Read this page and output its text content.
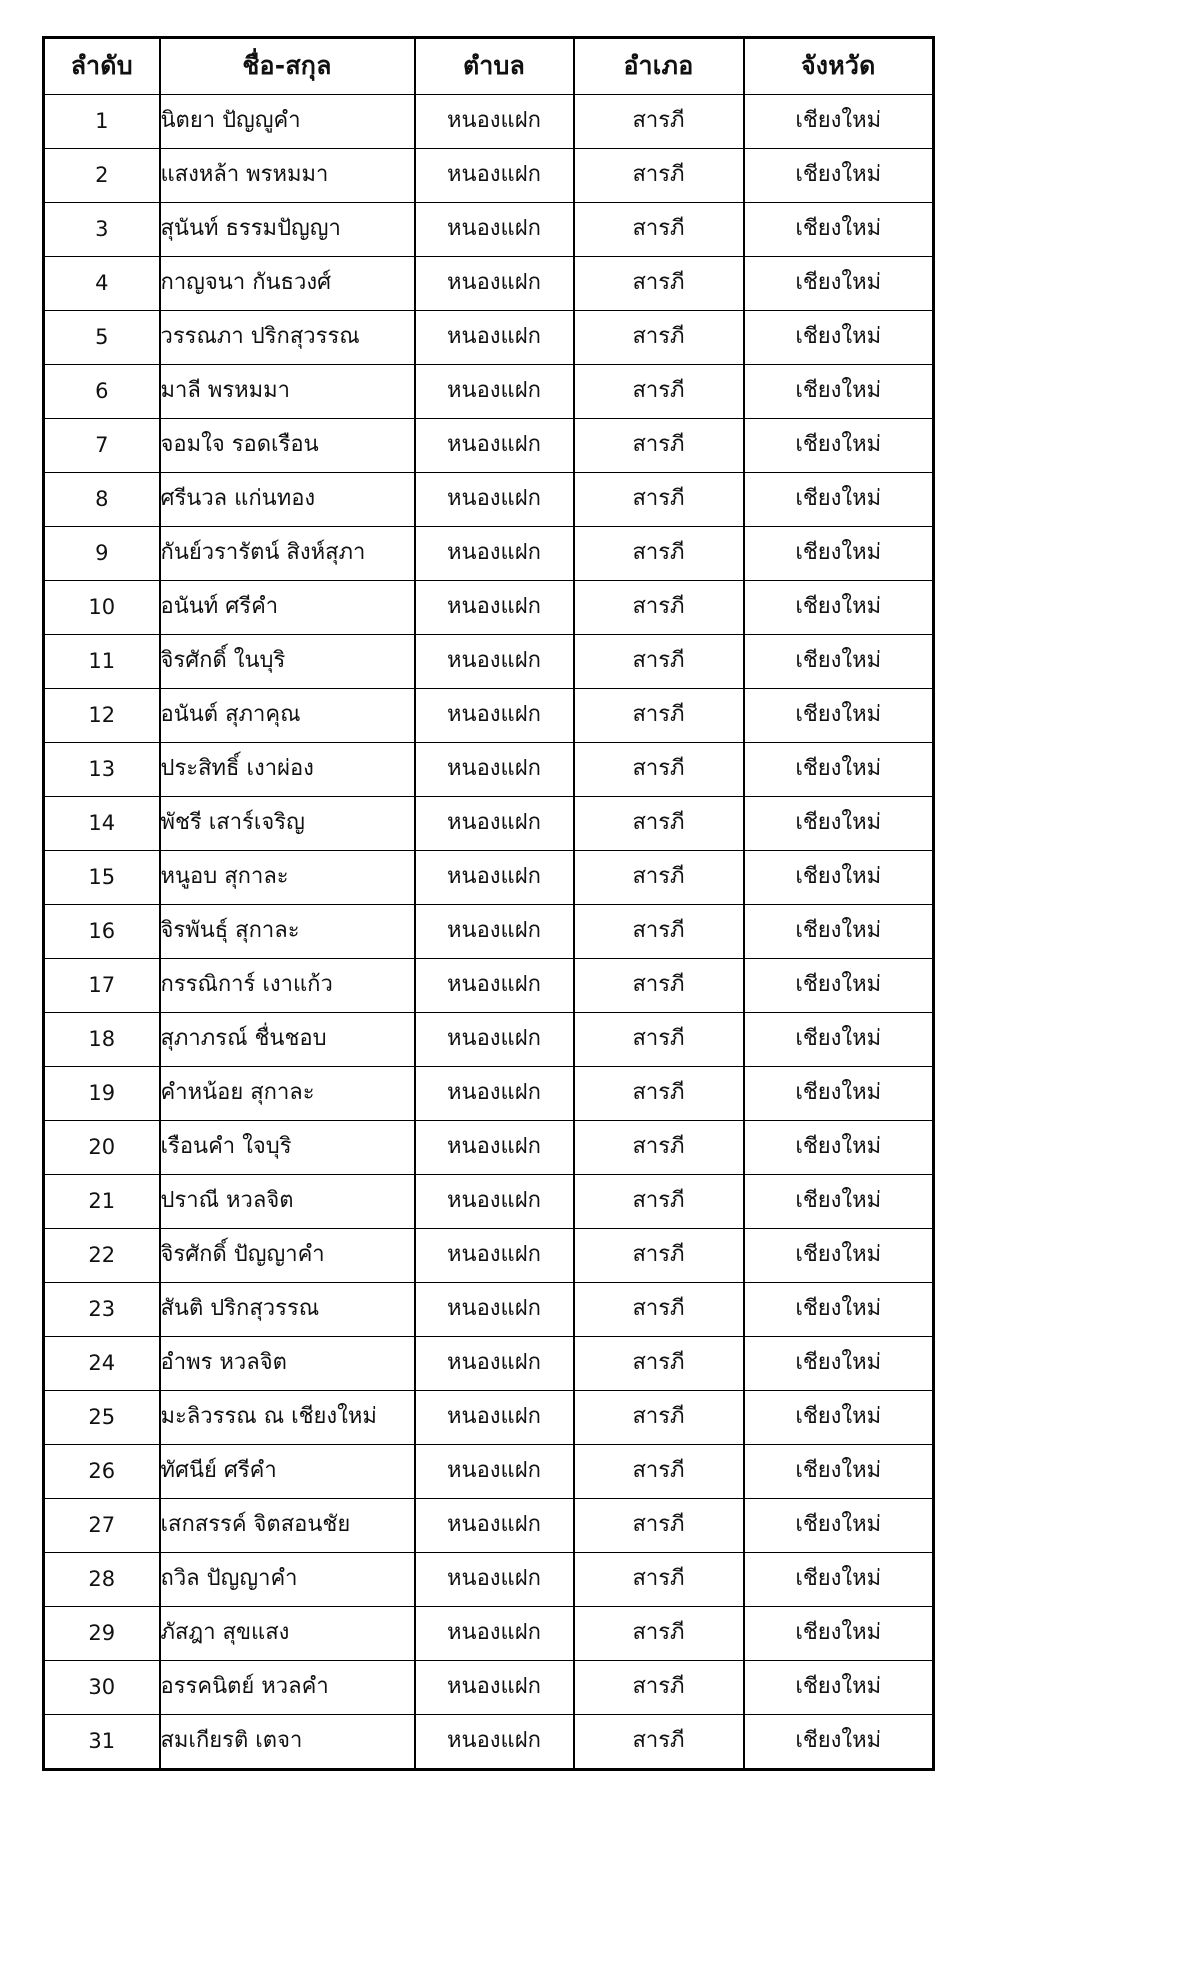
ลำดับ	ชื่อ-สกุล	ตำบล	อำเภอ	จังหวัด
1	นิตยา ปัญญูคำ	หนองแฝก	สารภี	เชียงใหม่
2	แสงหล้า พรหมมา	หนองแฝก	สารภี	เชียงใหม่
3	สุนันท์ ธรรมปัญญา	หนองแฝก	สารภี	เชียงใหม่
4	กาญจนา กันธวงศ์	หนองแฝก	สารภี	เชียงใหม่
5	วรรณภา ปริกสุวรรณ	หนองแฝก	สารภี	เชียงใหม่
6	มาลี พรหมมา	หนองแฝก	สารภี	เชียงใหม่
7	จอมใจ รอดเรือน	หนองแฝก	สารภี	เชียงใหม่
8	ศรีนวล แก่นทอง	หนองแฝก	สารภี	เชียงใหม่
9	กันย์วรารัตน์ สิงห์สุภา	หนองแฝก	สารภี	เชียงใหม่
10	อนันท์ ศรีคำ	หนองแฝก	สารภี	เชียงใหม่
11	จิรศักดิ์ ในบุริ	หนองแฝก	สารภี	เชียงใหม่
12	อนันต์ สุภาคุณ	หนองแฝก	สารภี	เชียงใหม่
13	ประสิทธิ์ เงาผ่อง	หนองแฝก	สารภี	เชียงใหม่
14	พัชรี เสาร์เจริญ	หนองแฝก	สารภี	เชียงใหม่
15	หนูอบ สุกาละ	หนองแฝก	สารภี	เชียงใหม่
16	จิรพันธุ์ สุกาละ	หนองแฝก	สารภี	เชียงใหม่
17	กรรณิการ์ เงาแก้ว	หนองแฝก	สารภี	เชียงใหม่
18	สุภาภรณ์ ชื่นชอบ	หนองแฝก	สารภี	เชียงใหม่
19	คำหน้อย สุกาละ	หนองแฝก	สารภี	เชียงใหม่
20	เรือนคำ ใจบุริ	หนองแฝก	สารภี	เชียงใหม่
21	ปราณี หวลจิต	หนองแฝก	สารภี	เชียงใหม่
22	จิรศักดิ์ ปัญญาคำ	หนองแฝก	สารภี	เชียงใหม่
23	สันติ ปริกสุวรรณ	หนองแฝก	สารภี	เชียงใหม่
24	อำพร หวลจิต	หนองแฝก	สารภี	เชียงใหม่
25	มะลิวรรณ ณ เชียงใหม่	หนองแฝก	สารภี	เชียงใหม่
26	ทัศนีย์ ศรีคำ	หนองแฝก	สารภี	เชียงใหม่
27	เสกสรรค์ จิตสอนชัย	หนองแฝก	สารภี	เชียงใหม่
28	ถวิล ปัญญาคำ	หนองแฝก	สารภี	เชียงใหม่
29	ภัสฎา สุขแสง	หนองแฝก	สารภี	เชียงใหม่
30	อรรคนิตย์ หวลคำ	หนองแฝก	สารภี	เชียงใหม่
31	สมเกียรติ เตจา	หนองแฝก	สารภี	เชียงใหม่
